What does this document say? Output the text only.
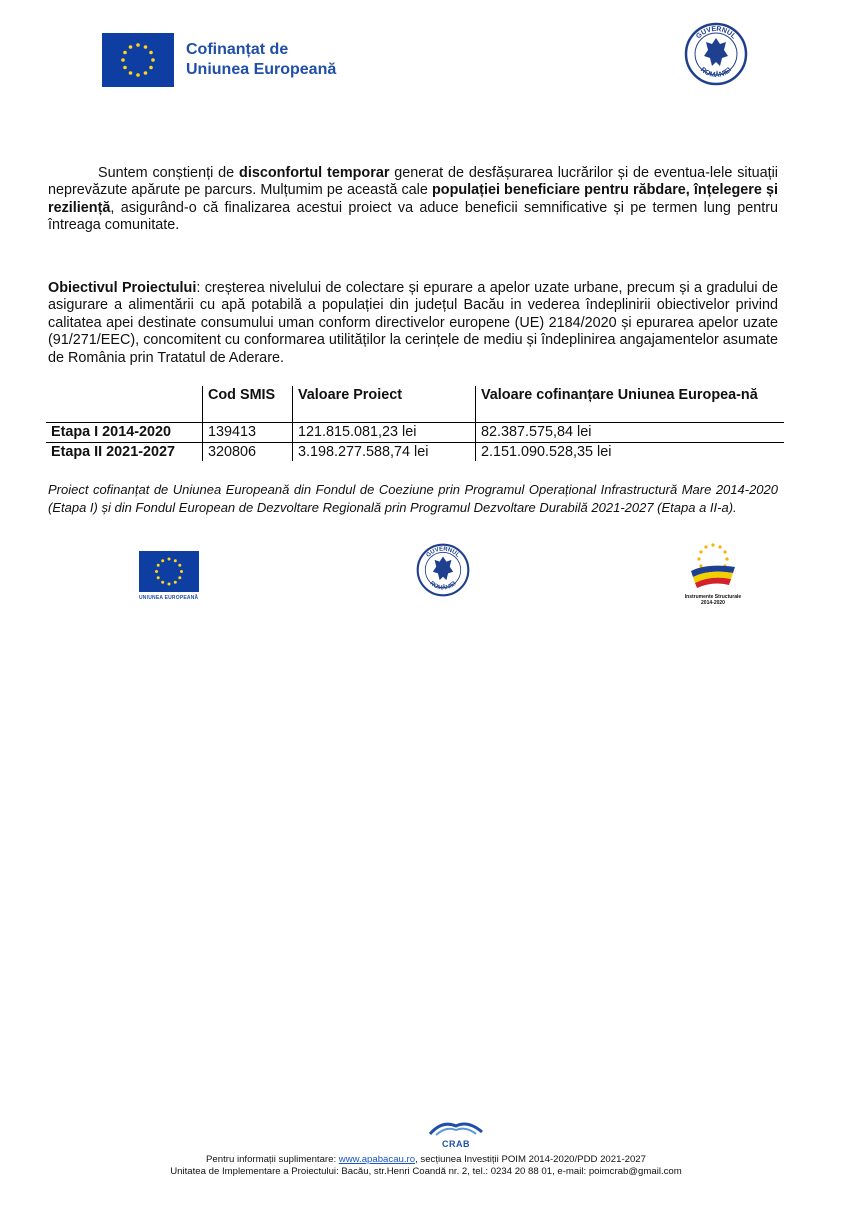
Cofinanțat de
Uniunea Europeană
GUVERNUL
ROMÂNIEI
Suntem conștienți de disconfortul temporar generat de desfășurarea lucrărilor și de eventua-lele situații neprevăzute apărute pe parcurs. Mulțumim pe această cale populației beneficiare pentru răbdare, înțelegere și reziliență, asigurând-o că finalizarea acestui proiect va aduce beneficii semnificative și pe termen lung pentru întreaga comunitate.
Obiectivul Proiectului: creșterea nivelului de colectare și epurare a apelor uzate urbane, precum și a gradului de asigurare a alimentării cu apă potabilă a populației din județul Bacău in vederea îndeplinirii obiectivelor privind calitatea apei destinate consumului uman conform directivelor europene (UE) 2184/2020 și epurarea apelor uzate (91/271/EEC), concomitent cu conformarea utilităților la cerințele de mediu și îndeplinirea angajamentelor asumate de România prin Tratatul de Aderare.
	Cod SMIS	Valoare Proiect	Valoare cofinanțare Uniunea Europea-nă
Etapa I 2014-2020	139413	121.815.081,23 lei	82.387.575,84 lei
Etapa II 2021-2027	320806	3.198.277.588,74 lei	2.151.090.528,35 lei
Proiect cofinanțat de Uniunea Europeană din Fondul de Coeziune prin Programul Operațional Infrastructură Mare 2014-2020 (Etapa I) și din Fondul European de Dezvoltare Regională prin Programul Dezvoltare Durabilă 2021-2027 (Etapa a II-a).
UNIUNEA EUROPEANĂ
GUVERNUL
ROMÂNIEI
Instrumente Structurale
2014-2020
CRAB
Pentru informații suplimentare: www.apabacau.ro, secțiunea Investiții POIM 2014-2020/PDD 2021-2027
Unitatea de Implementare a Proiectului: Bacău, str.Henri Coandă nr. 2, tel.: 0234 20 88 01, e-mail: poimcrab@gmail.com
